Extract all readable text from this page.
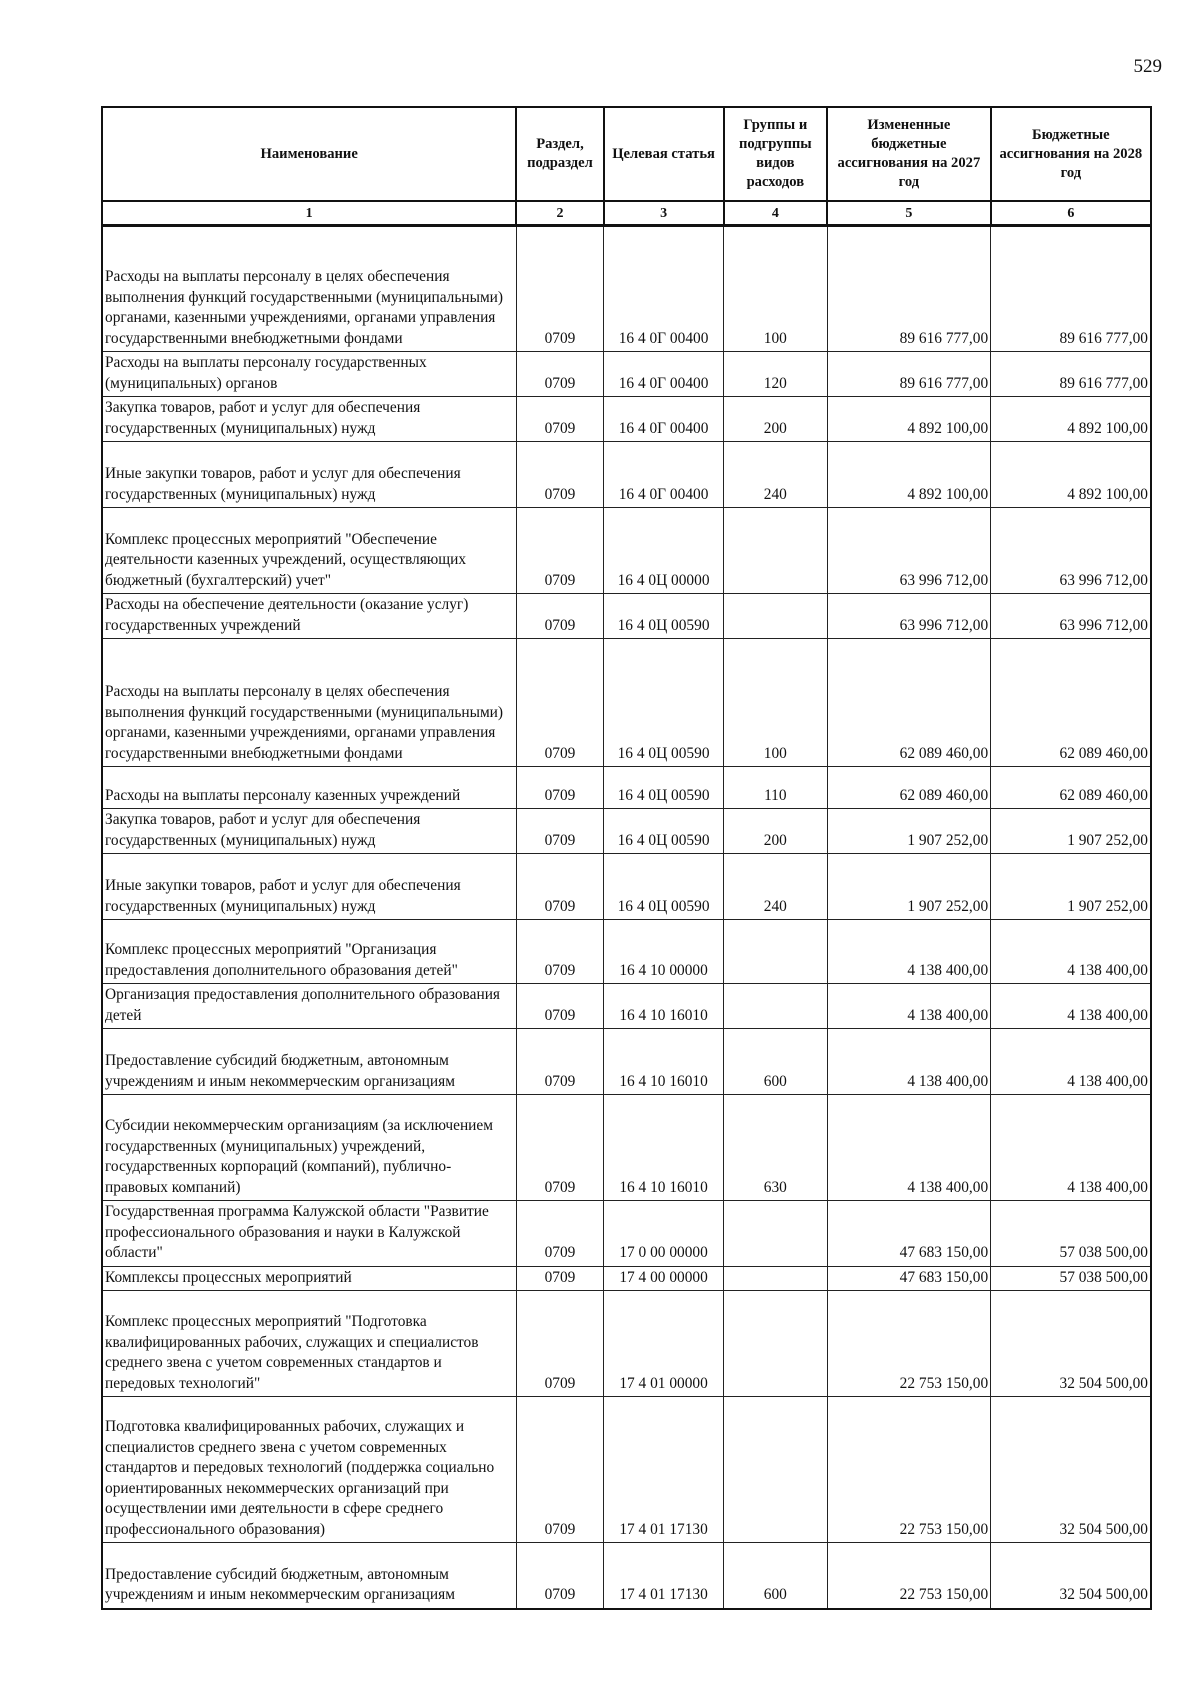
529
Наименование	Раздел, подраздел	Целевая статья	Группы и подгруппы видов расходов	Измененные бюджетные ассигнования на 2027 год	Бюджетные ассигнования на 2028 год
1	2	3	4	5	6
Расходы на выплаты персоналу в целях обеспечения выполнения функций государственными (муниципальными) органами, казенными учреждениями, органами управления государственными внебюджетными фондами	0709	16 4 0Г 00400	100	89 616 777,00	89 616 777,00
Расходы на выплаты персоналу государственных (муниципальных) органов	0709	16 4 0Г 00400	120	89 616 777,00	89 616 777,00
Закупка товаров, работ и услуг для обеспечения государственных (муниципальных) нужд	0709	16 4 0Г 00400	200	4 892 100,00	4 892 100,00
Иные закупки товаров, работ и услуг для обеспечения государственных (муниципальных) нужд	0709	16 4 0Г 00400	240	4 892 100,00	4 892 100,00
Комплекс процессных мероприятий "Обеспечение деятельности казенных учреждений, осуществляющих бюджетный (бухгалтерский) учет"	0709	16 4 0Ц 00000		63 996 712,00	63 996 712,00
Расходы на обеспечение деятельности (оказание услуг) государственных учреждений	0709	16 4 0Ц 00590		63 996 712,00	63 996 712,00
Расходы на выплаты персоналу в целях обеспечения выполнения функций государственными (муниципальными) органами, казенными учреждениями, органами управления государственными внебюджетными фондами	0709	16 4 0Ц 00590	100	62 089 460,00	62 089 460,00
Расходы на выплаты персоналу казенных учреждений	0709	16 4 0Ц 00590	110	62 089 460,00	62 089 460,00
Закупка товаров, работ и услуг для обеспечения государственных (муниципальных) нужд	0709	16 4 0Ц 00590	200	1 907 252,00	1 907 252,00
Иные закупки товаров, работ и услуг для обеспечения государственных (муниципальных) нужд	0709	16 4 0Ц 00590	240	1 907 252,00	1 907 252,00
Комплекс процессных мероприятий "Организация предоставления дополнительного образования детей"	0709	16 4 10 00000		4 138 400,00	4 138 400,00
Организация предоставления дополнительного образования детей	0709	16 4 10 16010		4 138 400,00	4 138 400,00
Предоставление субсидий бюджетным, автономным учреждениям и иным некоммерческим организациям	0709	16 4 10 16010	600	4 138 400,00	4 138 400,00
Субсидии некоммерческим организациям (за исключением государственных (муниципальных) учреждений, государственных корпораций (компаний), публично-правовых компаний)	0709	16 4 10 16010	630	4 138 400,00	4 138 400,00
Государственная программа Калужской области "Развитие профессионального образования и науки в Калужской области"	0709	17 0 00 00000		47 683 150,00	57 038 500,00
Комплексы процессных мероприятий	0709	17 4 00 00000		47 683 150,00	57 038 500,00
Комплекс процессных мероприятий "Подготовка квалифицированных рабочих, служащих и специалистов среднего звена с учетом современных стандартов и передовых технологий"	0709	17 4 01 00000		22 753 150,00	32 504 500,00
Подготовка квалифицированных рабочих, служащих и специалистов среднего звена с учетом современных стандартов и передовых технологий (поддержка социально ориентированных некоммерческих организаций при осуществлении ими деятельности в сфере среднего профессионального образования)	0709	17 4 01 17130		22 753 150,00	32 504 500,00
Предоставление субсидий бюджетным, автономным учреждениям и иным некоммерческим организациям	0709	17 4 01 17130	600	22 753 150,00	32 504 500,00
